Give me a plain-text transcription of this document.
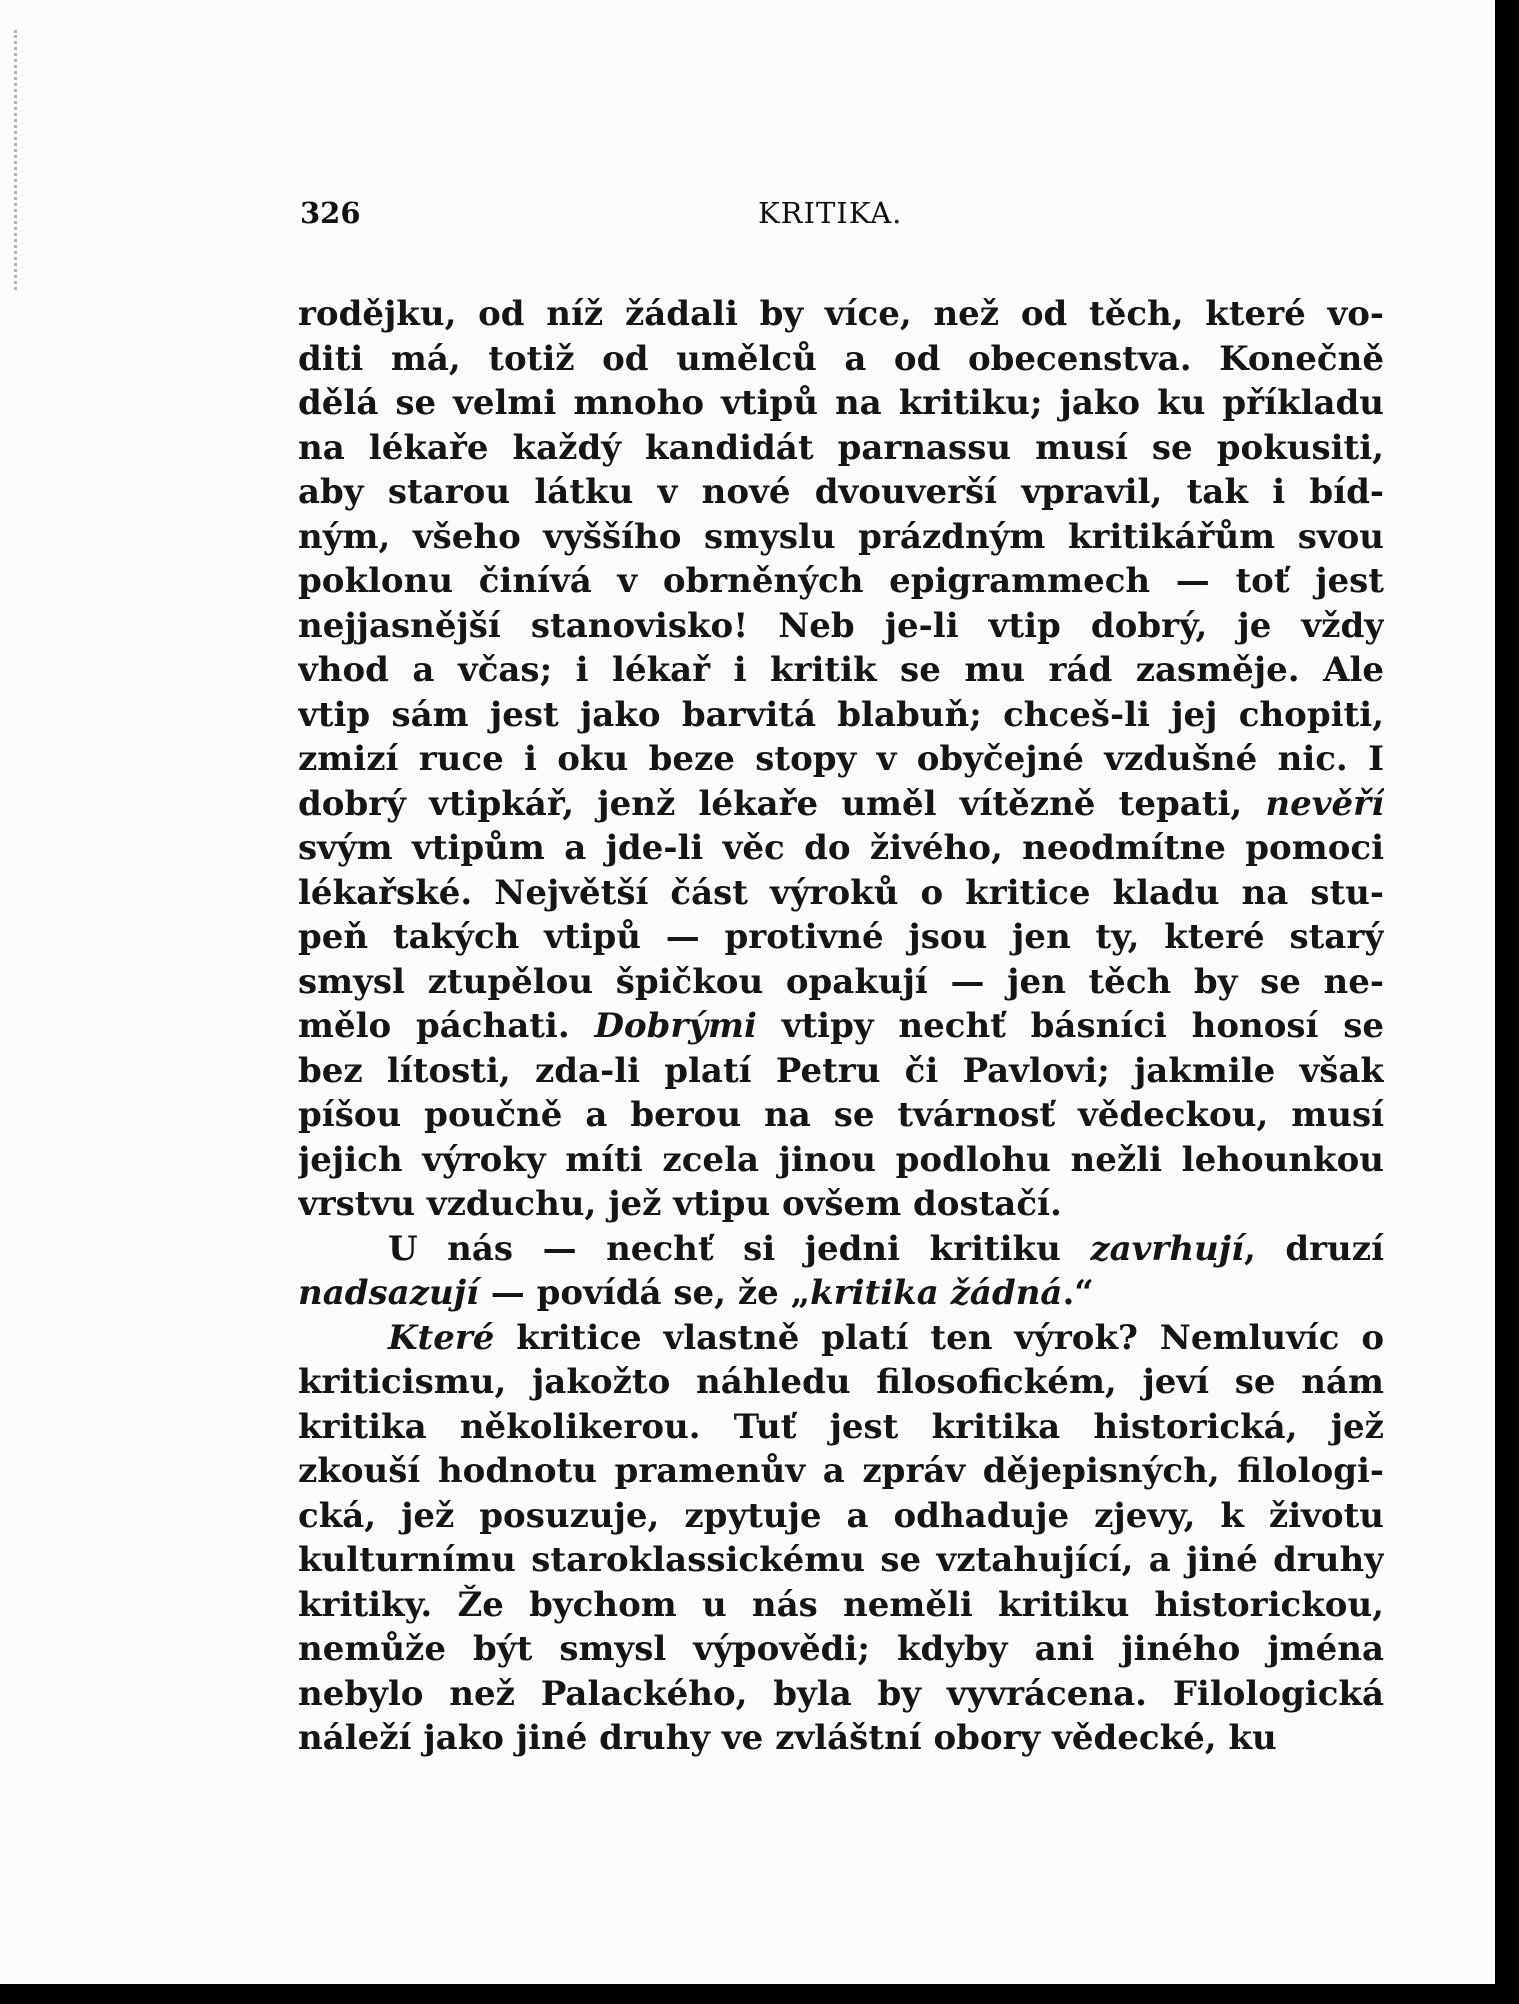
326	KRITIKA.
rodějku, od níž žádali by více, než od těch, které vo-
diti má, totiž od umělců a od obecenstva. Konečně
dělá se velmi mnoho vtipů na kritiku; jako ku příkladu
na lékaře každý kandidát parnassu musí se pokusiti,
aby starou látku v nové dvouverší vpravil, tak i bíd-
ným, všeho vyššího smyslu prázdným kritikářům svou
poklonu činívá v obrněných epigrammech — toť jest
nejjasnější stanovisko! Neb je-li vtip dobrý, je vždy
vhod a včas; i lékař i kritik se mu rád zasměje. Ale
vtip sám jest jako barvitá blabuň; chceš-li jej chopiti,
zmizí ruce i oku beze stopy v obyčejné vzdušné nic. I
dobrý vtipkář, jenž lékaře uměl vítězně tepati, nevěří
svým vtipům a jde-li věc do živého, neodmítne pomoci
lékařské. Největší část výroků o kritice kladu na stu-
peň takých vtipů — protivné jsou jen ty, které starý
smysl ztupělou špičkou opakují — jen těch by se ne-
mělo páchati. Dobrými vtipy nechť básníci honosí se
bez lítosti, zda-li platí Petru či Pavlovi; jakmile však
píšou poučně a berou na se tvárnosť vědeckou, musí
jejich výroky míti zcela jinou podlohu nežli lehounkou
vrstvu vzduchu, jež vtipu ovšem dostačí.
U nás — nechť si jedni kritiku zavrhují, druzí
nadsazují — povídá se, že „kritika žádná.“
Které kritice vlastně platí ten výrok? Nemluvíc o
kriticismu, jakožto náhledu filosofickém, jeví se nám
kritika několikerou. Tuť jest kritika historická, jež
zkouší hodnotu pramenův a zpráv dějepisných, filologi-
cká, jež posuzuje, zpytuje a odhaduje zjevy, k životu
kulturnímu staroklassickému se vztahující, a jiné druhy
kritiky. Že bychom u nás neměli kritiku historickou,
nemůže být smysl výpovědi; kdyby ani jiného jména
nebylo než Palackého, byla by vyvrácena. Filologická
náleží jako jiné druhy ve zvláštní obory vědecké, ku
